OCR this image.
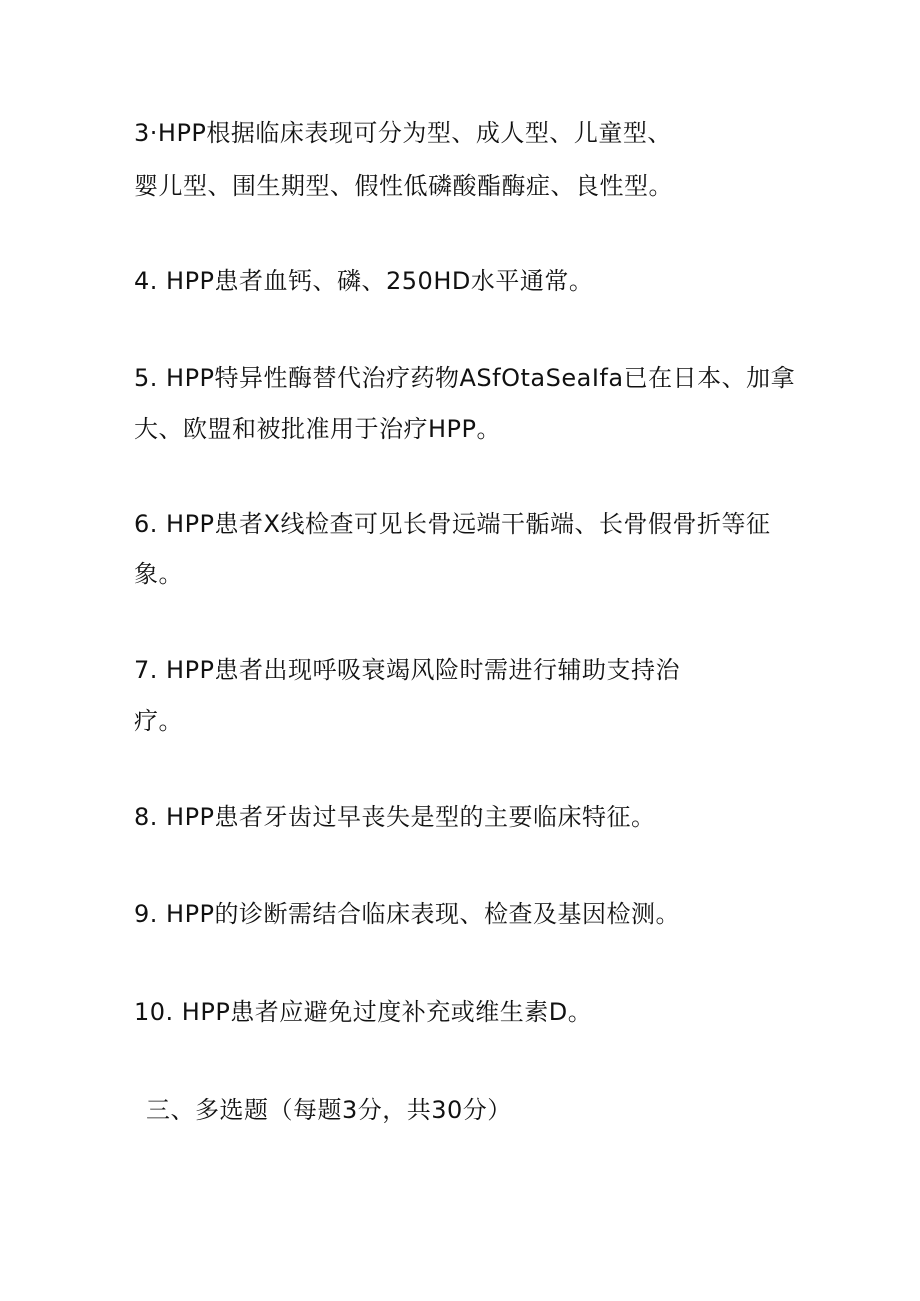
3·HPP根据临床表现可分为型、成人型、儿童型、
婴儿型、围生期型、假性低磷酸酯酶症、良性型。
4. HPP患者血钙、磷、250HD水平通常。
5. HPP特异性酶替代治疗药物ASfOtaSeaIfa已在日本、加拿
大、欧盟和被批准用于治疗HPP。
6. HPP患者X线检查可见长骨远端干骺端、长骨假骨折等征
象。
7. HPP患者出现呼吸衰竭风险时需进行辅助支持治
疗。
8. HPP患者牙齿过早丧失是型的主要临床特征。
9. HPP的诊断需结合临床表现、检查及基因检测。
10. HPP患者应避免过度补充或维生素D。
三、多选题（每题3分，共30分）
